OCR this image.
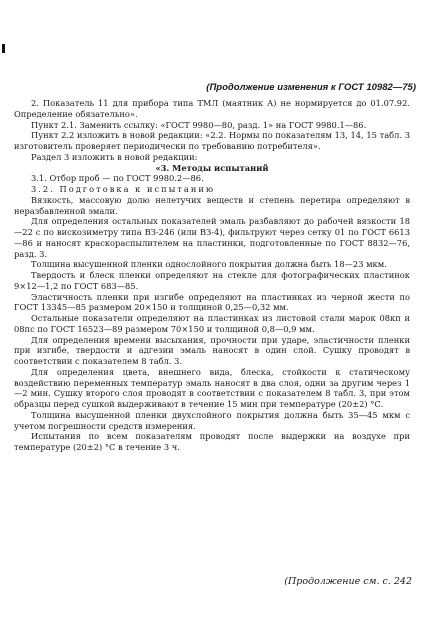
(Продолжение изменения к ГОСТ 10982—75)

2. Показатель 11 для прибора типа ТМЛ (маятник А) не нормируется до 01.07.92. Определение обязательно».

Пункт 2.1. Заменить ссылку: «ГОСТ 9980—80, разд. 1» на ГОСТ 9980.1—86.

Пункт 2.2 изложить в новой редакции: «2.2. Нормы по показателям 13, 14, 15 табл. 3 изготовитель проверяет периодически по требованию потребителя».

Раздел 3 изложить в новой редакции:

«3. Методы испытаний

3.1. Отбор проб — по ГОСТ 9980.2—86.

3.2. Подготовка к испытанию

Вязкость, массовую долю нелетучих веществ и степень перетира определяют в неразбавленной эмали.

Для определения остальных показателей эмаль разбавляют до рабочей вязкости 18—22 с по вискозиметру типа ВЗ-246 (или ВЗ-4), фильтруют через сетку 01 по ГОСТ 6613—86 и наносят краскораспылителем на пластинки, подготовленные по ГОСТ 8832—76, разд. 3.

Толщина высушенной пленки однослойного покрытия должна быть 18—23 мкм.

Твердость и блеск пленки определяют на стекле для фотографических пластинок 9×12—1,2 по ГОСТ 683—85.

Эластичность пленки при изгибе определяют на пластинках из черной жести по ГОСТ 13345—85 размером 20×150 и толщиной 0,25—0,32 мм.

Остальные показатели определяют на пластинках из листовой стали марок 08кп и 08пс по ГОСТ 16523—89 размером 70×150 и толщиной 0,8—0,9 мм.

Для определения времени высыхания, прочности при ударе, эластичности пленки при изгибе, твердости и адгезии эмаль наносят в один слой. Сушку проводят в соответствии с показателем 8 табл. 3.

Для определения цвета, внешнего вида, блеска, стойкости к статическому воздействию переменных температур эмаль наносят в два слоя, одни за другим через 1—2 мин. Сушку второго слоя проводят в соответствии с показателем 8 табл. 3, при этом образцы перед сушкой выдерживают в течение 15 мин при температуре (20±2) °С.

Толщина высушенной пленки двухслойного покрытия должна быть 35—45 мкм с учетом погрешности средств измерения.

Испытания по всем показателям проводят после выдержки на воздухе при температуре (20±2) °С в течение 3 ч.

(Продолжение см. с. 242
